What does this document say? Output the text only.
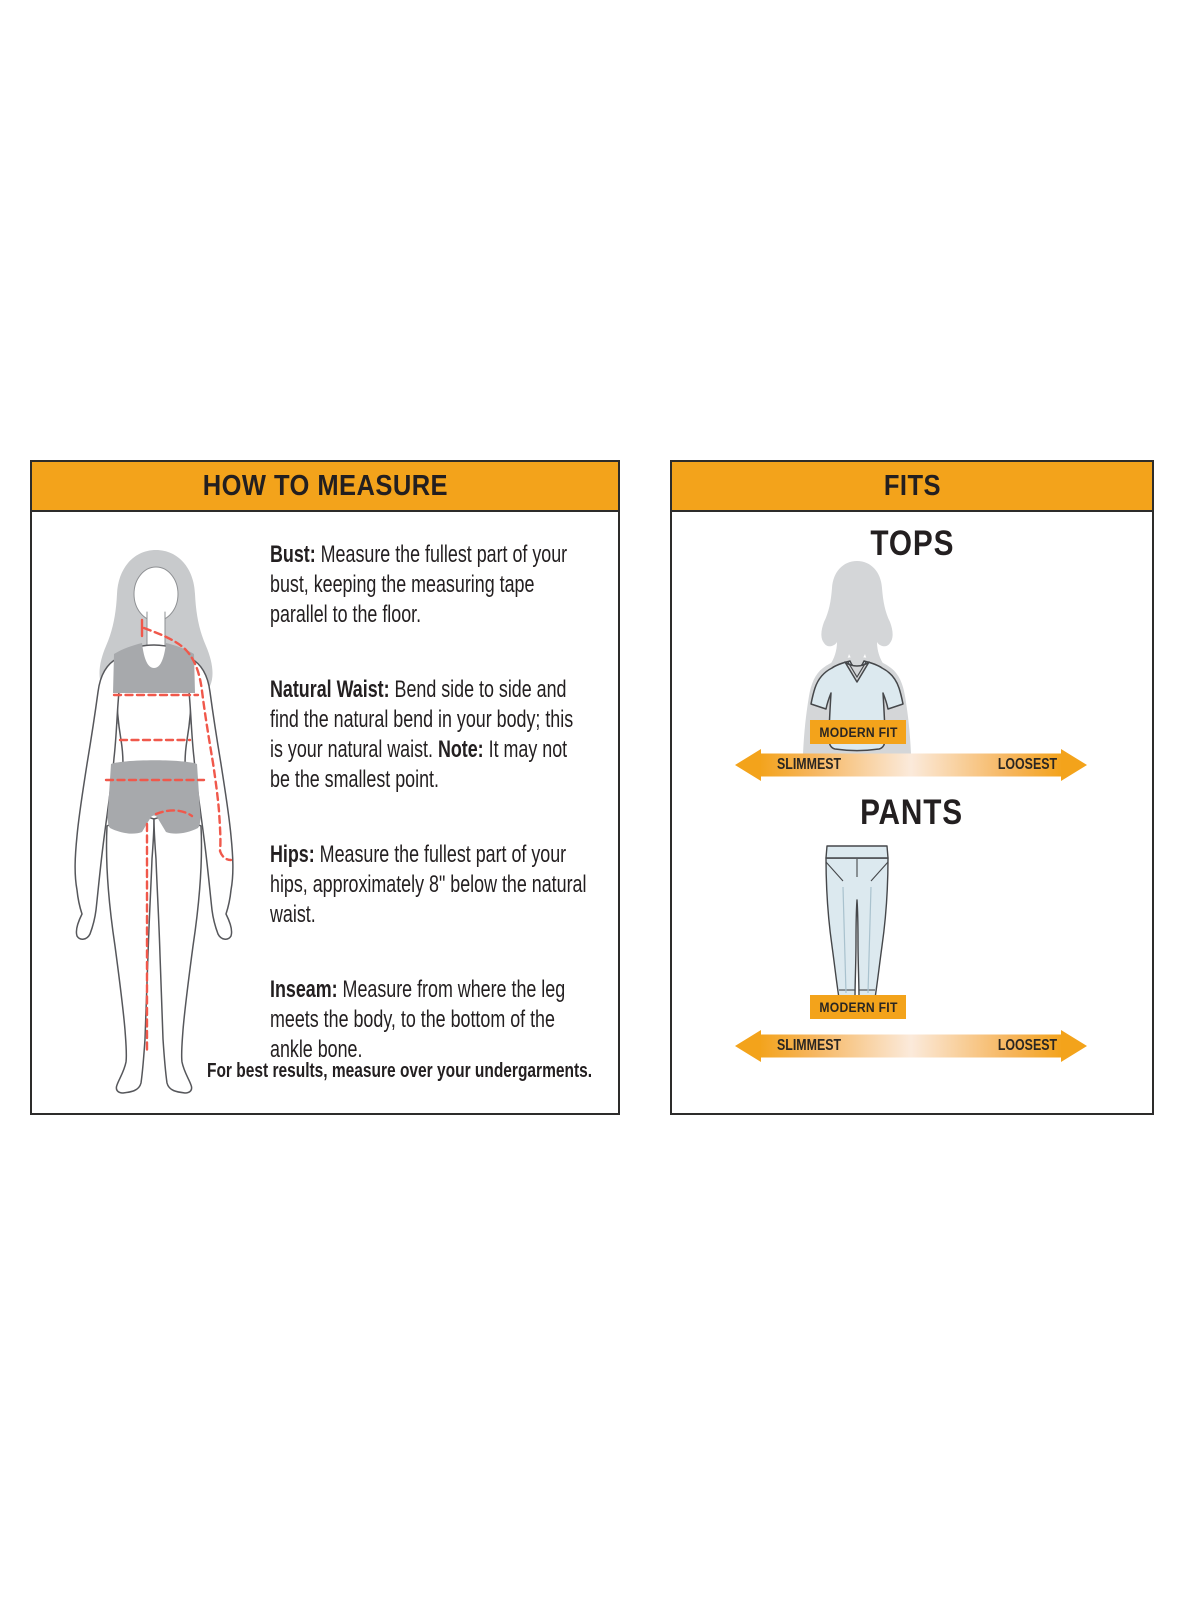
HOW TO MEASURE

Bust: Measure the fullest part of your bust, keeping the measuring tape parallel to the floor.

Natural Waist: Bend side to side and find the natural bend in your body; this is your natural waist. Note: It may not be the smallest point.

Hips: Measure the fullest part of your hips, approximately 8" below the natural waist.

Inseam: Measure from where the leg meets the body, to the bottom of the ankle bone.

For best results, measure over your undergarments.
FITS
TOPS
MODERN FIT
SLIMMEST	LOOSEST
PANTS
MODERN FIT
SLIMMEST	LOOSEST
